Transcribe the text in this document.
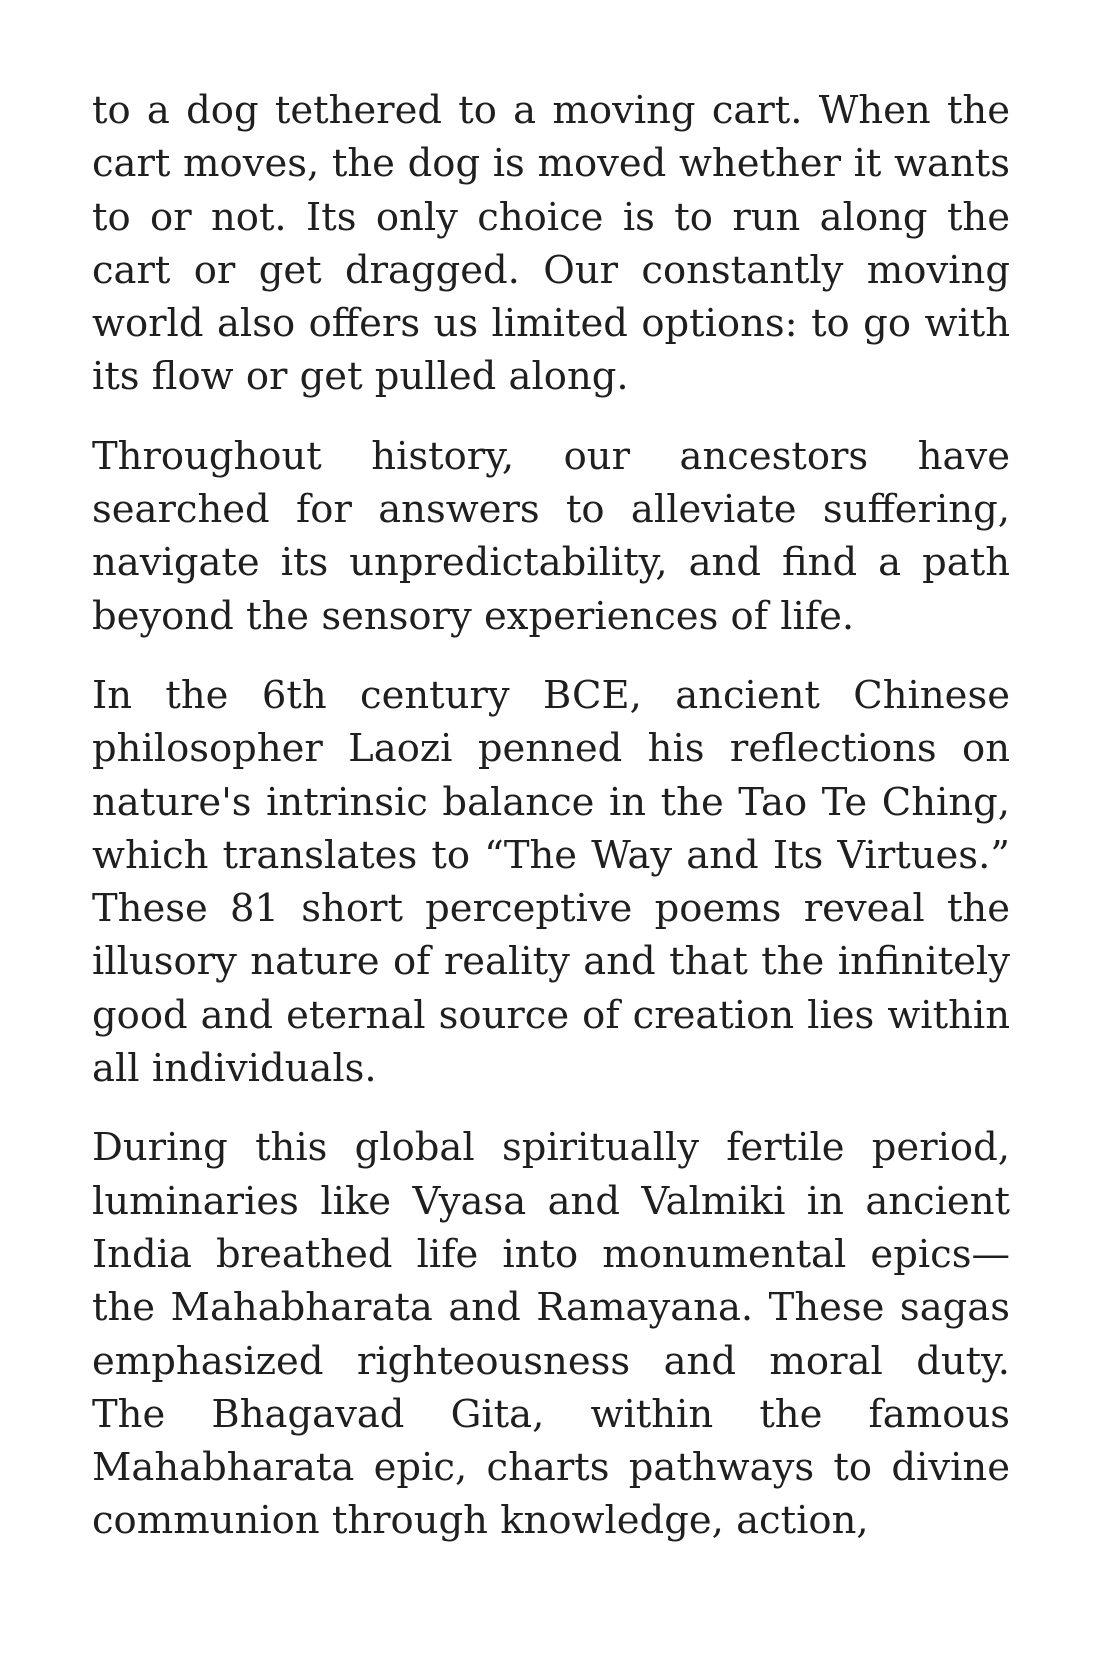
to a dog tethered to a moving cart. When the cart moves, the dog is moved whether it wants to or not. Its only choice is to run along the cart or get dragged. Our constantly moving world also offers us limited options: to go with its flow or get pulled along.

Throughout history, our ancestors have searched for answers to alleviate suffering, navigate its unpredictability, and find a path beyond the sensory experiences of life.

In the 6th century BCE, ancient Chinese philosopher Laozi penned his reflections on nature's intrinsic balance in the Tao Te Ching, which translates to “The Way and Its Virtues.” These 81 short perceptive poems reveal the illusory nature of reality and that the infinitely good and eternal source of creation lies within all individuals.

During this global spiritually fertile period, luminaries like Vyasa and Valmiki in ancient India breathed life into monumental epics—the Mahabharata and Ramayana. These sagas emphasized righteousness and moral duty. The Bhagavad Gita, within the famous Mahabharata epic, charts pathways to divine communion through knowledge, action,
